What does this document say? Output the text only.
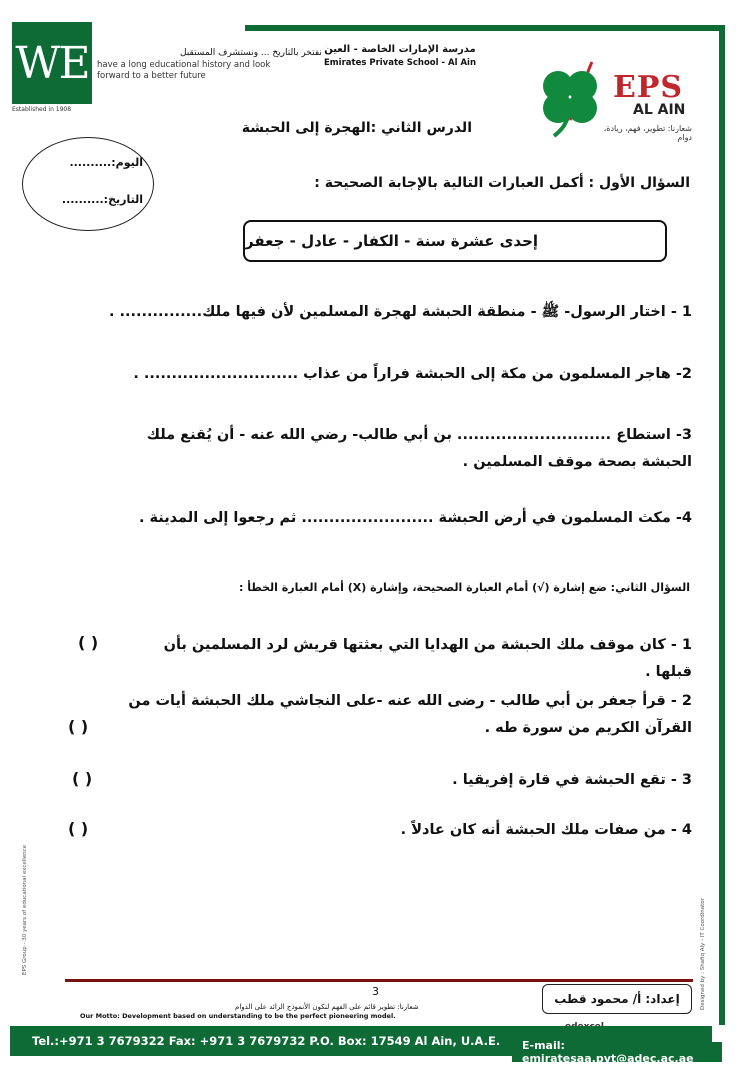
WE
Established in 1908
نفتخر بالتاريخ ... ونستشرف المستقبل
have a long educational history and look forward to a better future
مدرسة الإمارات الخاصة - العين
Emirates Private School - Al Ain
EPS
AL AIN
شعارنا: تطوير، فهم، ريادة، دوام
اليوم:..........
التاريخ:..........
الدرس الثاني :الهجرة إلى الحبشة
السؤال الأول : أكمل العبارات التالية بالإجابة الصحيحة :
إحدى عشرة سنة - الكفار - عادل - جعفر
1 - اختار الرسول- ﷺ - منطقة الحبشة لهجرة المسلمين لأن فيها ملك............... .
2- هاجر المسلمون من مكة إلى الحبشة فراراً من عذاب ............................ .
3- استطاع ............................ بن أبي طالب- رضي الله عنه - أن يُقنع ملك الحبشة بصحة موقف المسلمين .
4- مكث المسلمون في أرض الحبشة ........................ ثم رجعوا إلى المدينة .
السؤال الثاني: ضع إشارة (√) أمام العبارة الصحيحة، وإشارة (X) أمام العبارة الخطأ :
1 - كان موقف ملك الحبشة من الهدايا التي بعثتها قريش لرد المسلمين بأن قبلها .
( )
2 - قرأ جعفر بن أبي طالب - رضى الله عنه -على النجاشي ملك الحبشة أيات من القرآن الكريم من سورة طه .
( )
3 - تقع الحبشة في قارة إفريقيا .
( )
4 - من صفات ملك الحبشة أنه كان عادلاً .
( )
EPS Group - 30 years of educational excellence	Designed by : Shafiq Aly - IT Coordinator
3
إعداد: أ/ محمود قطب
شعارنا: تطوير قائم على الفهم لنكون الأنموذج الرائد على الدوام
Our Motto: Development based on understanding to be the perfect pioneering model.
Tel.:+971 3 7679322 Fax: +971 3 7679732 P.O. Box: 17549 Al Ain, U.A.E.	E-mail: emiratesaa.pvt@adec.ac.ae
